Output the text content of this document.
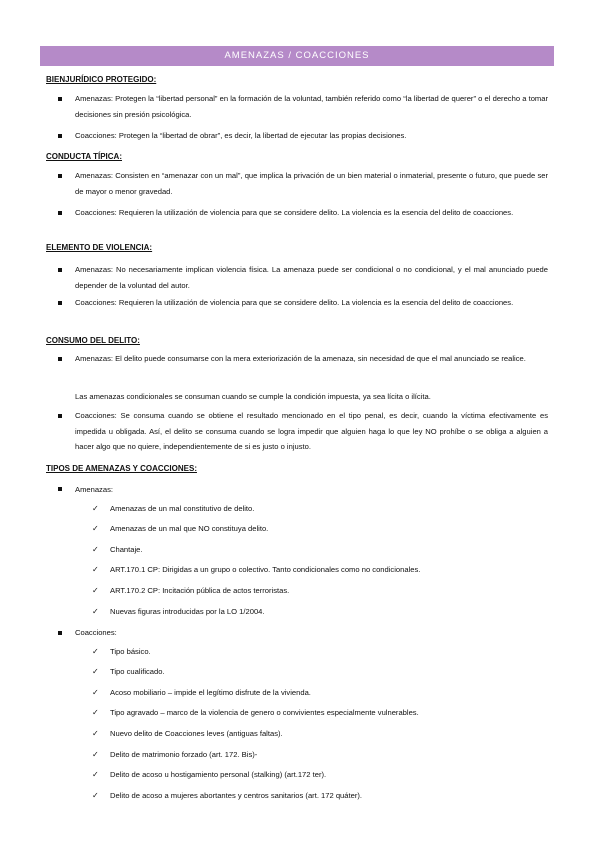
AMENAZAS / COACCIONES
BIENJURÍDICO PROTEGIDO:
Amenazas: Protegen la “libertad personal” en la formación de la voluntad, también referido como “la libertad de querer” o el derecho a tomar decisiones sin presión psicológica.
Coacciones: Protegen la “libertad de obrar”, es decir, la libertad de ejecutar las propias decisiones.
CONDUCTA TÍPICA:
Amenazas: Consisten en “amenazar con un mal”, que implica la privación de un bien material o inmaterial, presente o futuro, que puede ser de mayor o menor gravedad.
Coacciones: Requieren la utilización de violencia para que se considere delito. La violencia es la esencia del delito de coacciones.
ELEMENTO DE VIOLENCIA:
Amenazas: No necesariamente implican violencia física. La amenaza puede ser condicional o no condicional, y el mal anunciado puede depender de la voluntad del autor.
Coacciones: Requieren la utilización de violencia para que se considere delito. La violencia es la esencia del delito de coacciones.
CONSUMO DEL DELITO:
Amenazas: El delito puede consumarse con la mera exteriorización de la amenaza, sin necesidad de que el mal anunciado se realice.
Las amenazas condicionales se consuman cuando se cumple la condición impuesta, ya sea lícita o ilícita.
Coacciones: Se consuma cuando se obtiene el resultado mencionado en el tipo penal, es decir, cuando la víctima efectivamente es impedida u obligada. Así, el delito se consuma cuando se logra impedir que alguien haga lo que ley NO prohíbe o se obliga a alguien a hacer algo que no quiere, independientemente de si es justo o injusto.
TIPOS DE AMENAZAS Y COACCIONES:
Amenazas:
✓ Amenazas de un mal constitutivo de delito.
✓ Amenazas de un mal que NO constituya delito.
✓ Chantaje.
✓ ART.170.1 CP: Dirigidas a un grupo o colectivo. Tanto condicionales como no condicionales.
✓ ART.170.2 CP: Incitación pública de actos terroristas.
✓ Nuevas figuras introducidas por la LO 1/2004.
Coacciones:
✓ Tipo básico.
✓ Tipo cualificado.
✓ Acoso mobiliario – impide el legítimo disfrute de la vivienda.
✓ Tipo agravado – marco de la violencia de genero o convivientes especialmente vulnerables.
✓ Nuevo delito de Coacciones leves (antiguas faltas).
✓ Delito de matrimonio forzado (art. 172. Bis)-
✓ Delito de acoso u hostigamiento personal (stalking) (art.172 ter).
✓ Delito de acoso a mujeres abortantes y centros sanitarios (art. 172 quáter).
